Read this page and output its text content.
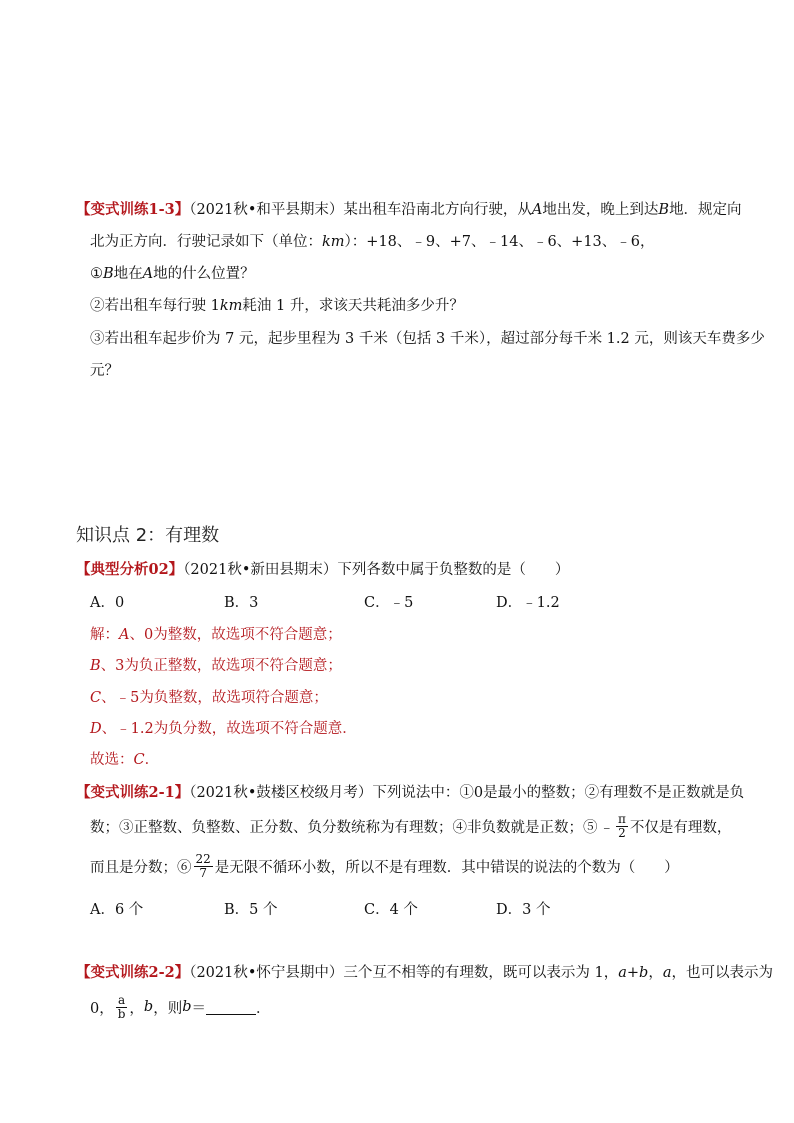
【变式训练1-3】（2021秋•和平县期末）某出租车沿南北方向行驶，从A地出发，晚上到达B地．规定向
北为正方向．行驶记录如下（单位：km）：+18、﹣9、+7、﹣14、﹣6、+13、﹣6，
①B地在A地的什么位置？
②若出租车每行驶 1km耗油 1 升，求该天共耗油多少升？
③若出租车起步价为 7 元，起步里程为 3 千米（包括 3 千米），超过部分每千米 1.2 元，则该天车费多少
元？
知识点 2：有理数
【典型分析02】（2021秋•新田县期末）下列各数中属于负整数的是（　　）
A．0	B．3	C．﹣5	D．﹣1.2
解：A、0为整数，故选项不符合题意；
B、3为负正整数，故选项不符合题意；
C、﹣5为负整数，故选项符合题意；
D、﹣1.2为负分数，故选项不符合题意．
故选：C．
【变式训练2-1】（2021秋•鼓楼区校级月考）下列说法中：①0是最小的整数；②有理数不是正数就是负
数；③正整数、负整数、正分数、负分数统称为有理数；④非负数就是正数；⑤ ﹣ $\frac{\pi}{2}$ 不仅是有理数，
而且是分数；⑥ $\frac{22}{7}$ 是无限不循环小数，所以不是有理数．其中错误的说法的个数为（　　）
A．6 个	B．5 个	C．4 个	D．3 个
【变式训练2-2】（2021秋•怀宁县期中）三个互不相等的有理数，既可以表示为 1，a+b，a，也可以表示为
0， $\frac{a}{b}$ ， b ，则 b ＝	．
